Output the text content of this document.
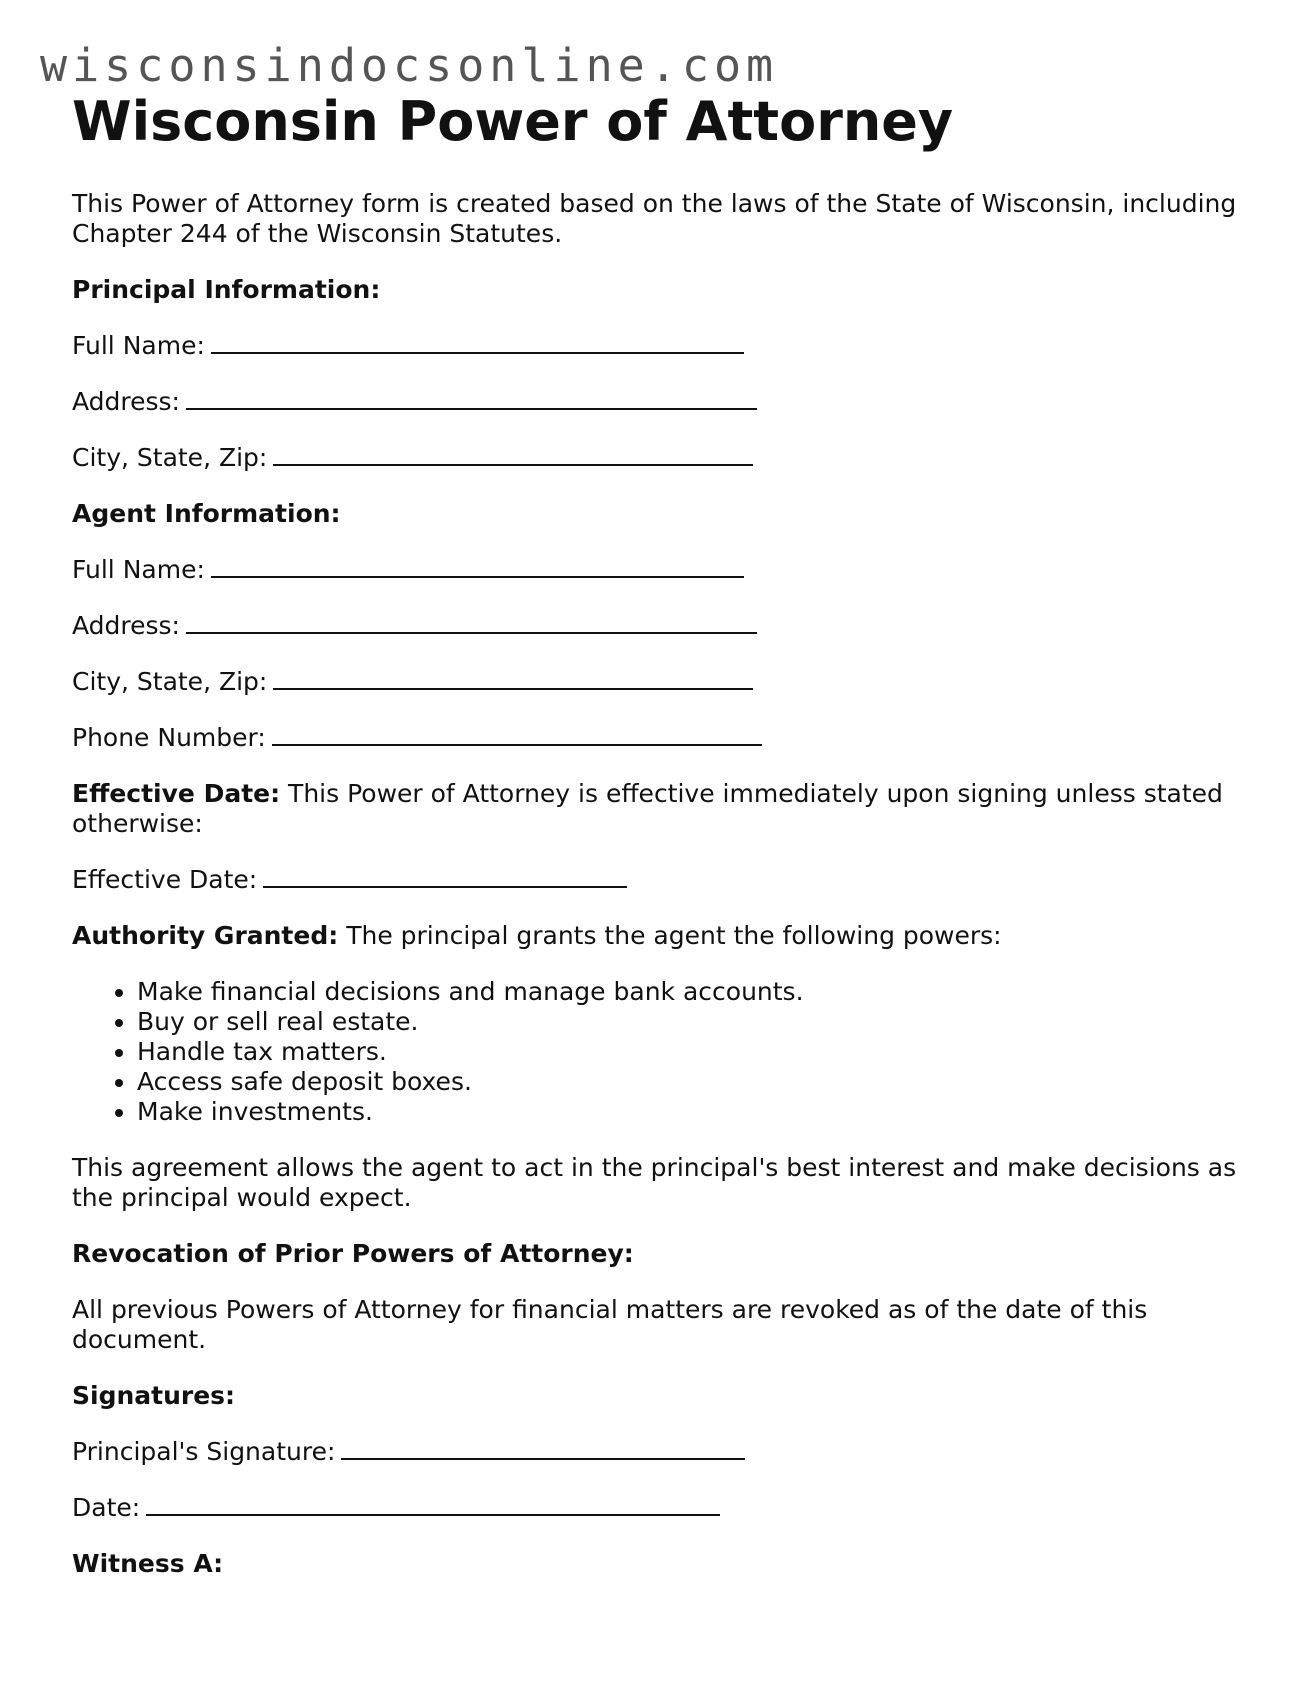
wisconsindocsonline.com
Wisconsin Power of Attorney

This Power of Attorney form is created based on the laws of the State of Wisconsin, including Chapter 244 of the Wisconsin Statutes.

Principal Information:

Full Name:
Address:
City, State, Zip:

Agent Information:

Full Name:
Address:
City, State, Zip:
Phone Number:

Effective Date: This Power of Attorney is effective immediately upon signing unless stated otherwise:

Effective Date:

Authority Granted: The principal grants the agent the following powers:

• Make financial decisions and manage bank accounts.
• Buy or sell real estate.
• Handle tax matters.
• Access safe deposit boxes.
• Make investments.

This agreement allows the agent to act in the principal's best interest and make decisions as the principal would expect.

Revocation of Prior Powers of Attorney:

All previous Powers of Attorney for financial matters are revoked as of the date of this document.

Signatures:

Principal's Signature:
Date:

Witness A:
